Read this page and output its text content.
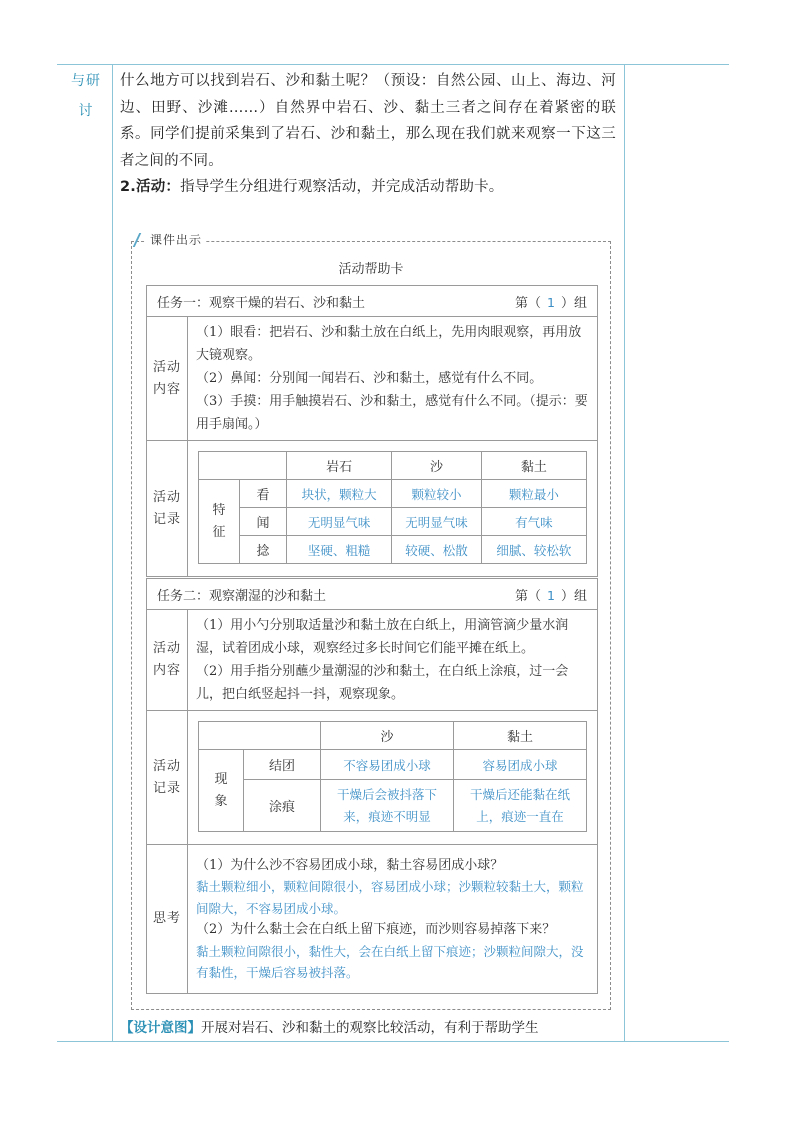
与研
讨
什么地方可以找到岩石、沙和黏土呢？（预设：自然公园、山上、海边、河边、田野、沙滩……）自然界中岩石、沙、黏土三者之间存在着紧密的联系。同学们提前采集到了岩石、沙和黏土，那么现在我们就来观察一下这三者之间的不同。
2.活动：指导学生分组进行观察活动，并完成活动帮助卡。
课件出示
活动帮助卡
任务一：观察干燥的岩石、沙和黏土	第（ 1 ）组

活动
内容	
（1）眼看：把岩石、沙和黏土放在白纸上，先用肉眼观察，再用放大镜观察。
（2）鼻闻：分别闻一闻岩石、沙和黏土，感觉有什么不同。
（3）手摸：用手触摸岩石、沙和黏土，感觉有什么不同。（提示：要用手扇闻。）

活动
记录	
	岩石	沙	黏土
特
征	看	块状，颗粒大	颗粒较小	颗粒最小
闻	无明显气味	无明显气味	有气味
捻	坚硬、粗糙	较硬、松散	细腻、较松软
任务二：观察潮湿的沙和黏土	第（ 1 ）组

活动
内容	
（1）用小勺分别取适量沙和黏土放在白纸上，用滴管滴少量水润湿，试着团成小球，观察经过多长时间它们能平摊在纸上。
（2）用手指分别蘸少量潮湿的沙和黏土，在白纸上涂痕，过一会儿，把白纸竖起抖一抖，观察现象。

活动
记录	
	沙	黏土
现
象	结团	不容易团成小球	容易团成小球
涂痕	干燥后会被抖落下来，痕迹不明显	干燥后还能黏在纸上，痕迹一直在

思考	
（1）为什么沙不容易团成小球，黏土容易团成小球？
黏土颗粒细小，颗粒间隙很小，容易团成小球；沙颗粒较黏土大，颗粒间隙大，不容易团成小球。
（2）为什么黏土会在白纸上留下痕迹，而沙则容易掉落下来？
黏土颗粒间隙很小，黏性大，会在白纸上留下痕迹；沙颗粒间隙大，没有黏性，干燥后容易被抖落。
【设计意图】开展对岩石、沙和黏土的观察比较活动，有利于帮助学生
